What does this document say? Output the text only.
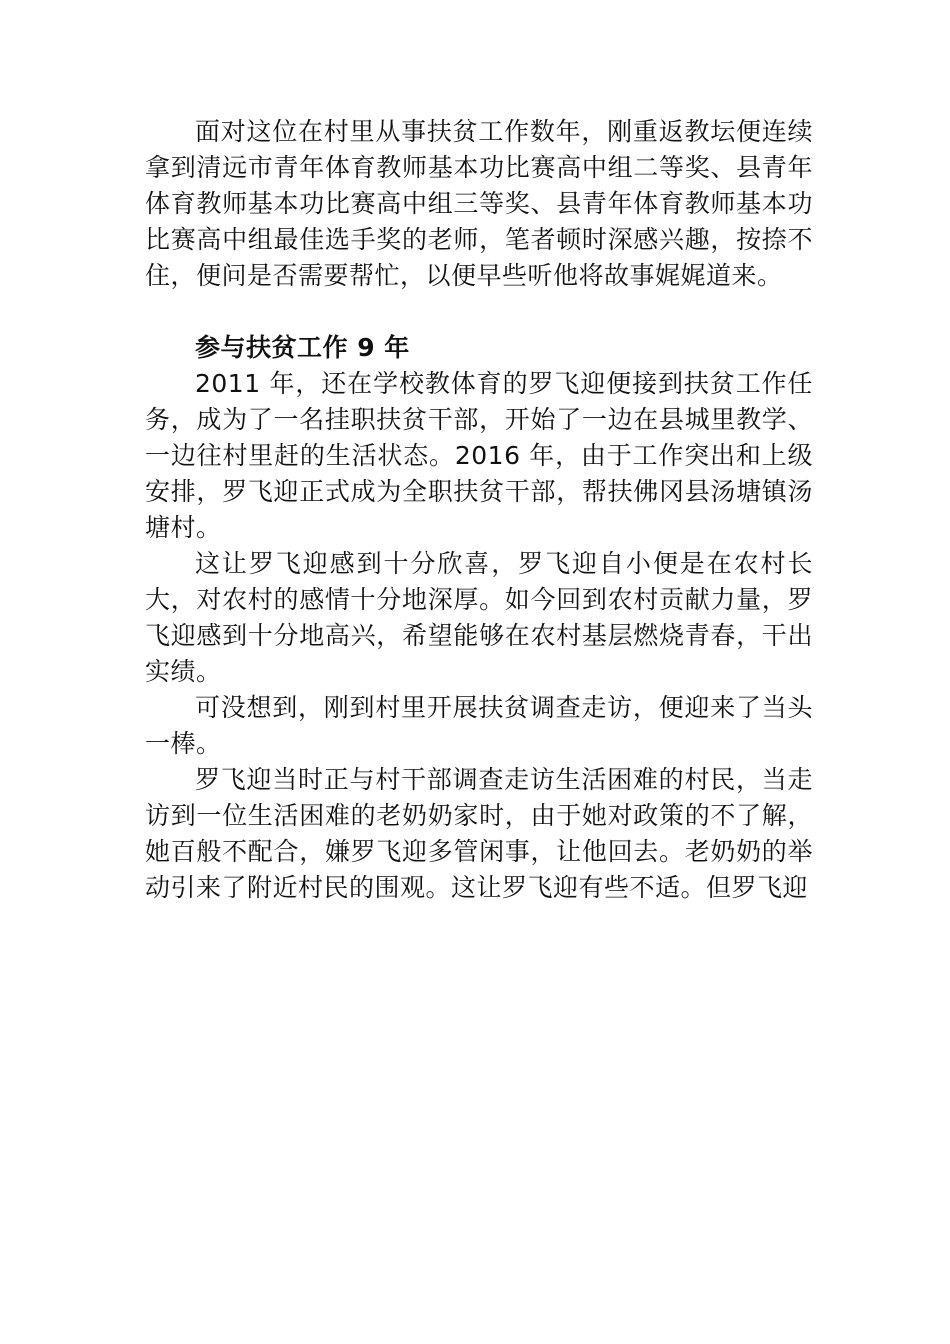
面对这位在村里从事扶贫工作数年，刚重返教坛便连续拿到清远市青年体育教师基本功比赛高中组二等奖、县青年体育教师基本功比赛高中组三等奖、县青年体育教师基本功比赛高中组最佳选手奖的老师，笔者顿时深感兴趣，按捺不住，便问是否需要帮忙，以便早些听他将故事娓娓道来。

参与扶贫工作 9 年

2011 年，还在学校教体育的罗飞迎便接到扶贫工作任务，成为了一名挂职扶贫干部，开始了一边在县城里教学、一边往村里赶的生活状态。2016 年，由于工作突出和上级安排，罗飞迎正式成为全职扶贫干部，帮扶佛冈县汤塘镇汤塘村。

这让罗飞迎感到十分欣喜，罗飞迎自小便是在农村长大，对农村的感情十分地深厚。如今回到农村贡献力量，罗飞迎感到十分地高兴，希望能够在农村基层燃烧青春，干出实绩。

可没想到，刚到村里开展扶贫调查走访，便迎来了当头一棒。

罗飞迎当时正与村干部调查走访生活困难的村民，当走访到一位生活困难的老奶奶家时，由于她对政策的不了解， 她百般不配合，嫌罗飞迎多管闲事，让他回去。老奶奶的举动引来了附近村民的围观。这让罗飞迎有些不适。但罗飞迎
